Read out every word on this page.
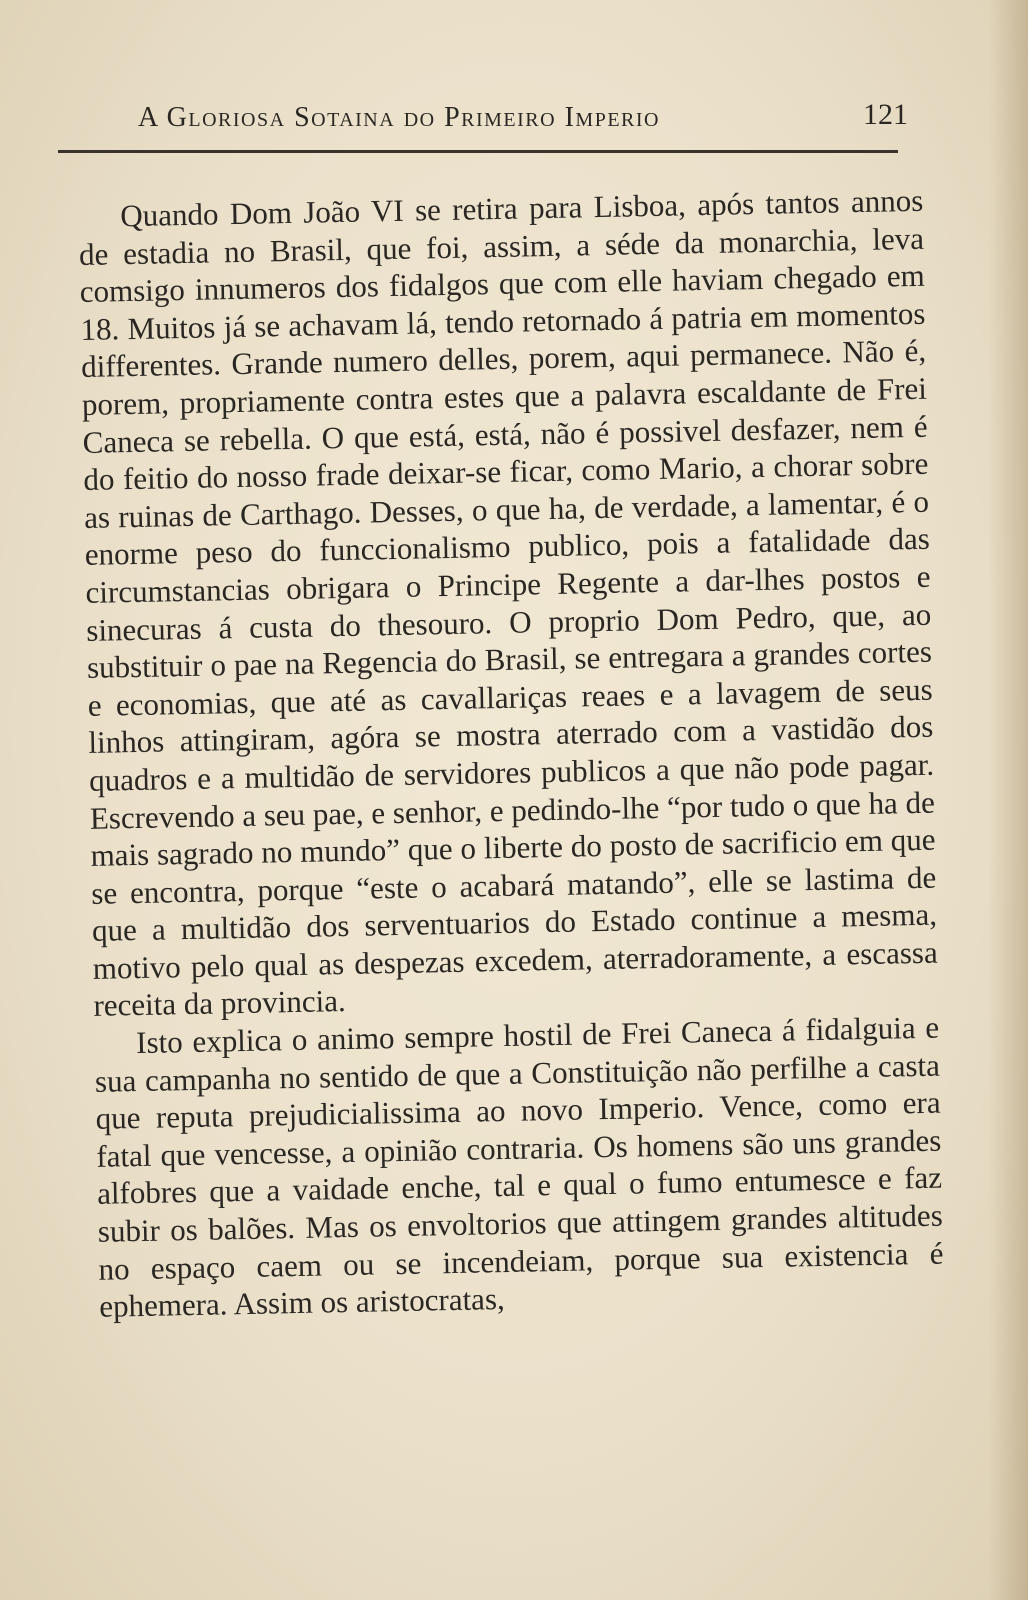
A Gloriosa Sotaina do Primeiro Imperio	121

Quando Dom João VI se retira para Lisboa, após tantos annos de estadia no Brasil, que foi, assim, a séde da monarchia, leva comsigo innumeros dos fidalgos que com elle haviam chegado em 18. Muitos já se achavam lá, tendo retornado á patria em momentos differentes. Grande numero delles, porem, aqui permanece. Não é, porem, propriamente contra estes que a palavra escaldante de Frei Caneca se rebella. O que está, está, não é possivel desfazer, nem é do feitio do nosso frade deixar-se ficar, como Mario, a chorar sobre as ruinas de Carthago. Desses, o que ha, de verdade, a lamentar, é o enorme peso do funccionalismo publico, pois a fatalidade das circumstancias obrigara o Principe Regente a dar-lhes postos e sinecuras á custa do thesouro. O proprio Dom Pedro, que, ao substituir o pae na Regencia do Brasil, se entregara a grandes cortes e economias, que até as cavallariças reaes e a lavagem de seus linhos attingiram, agóra se mostra aterrado com a vastidão dos quadros e a multidão de servidores publicos a que não pode pagar. Escrevendo a seu pae, e senhor, e pedindo-lhe “por tudo o que ha de mais sagrado no mundo” que o liberte do posto de sacrificio em que se encontra, porque “este o acabará matando”, elle se lastima de que a multidão dos serventuarios do Estado continue a mesma, motivo pelo qual as despezas excedem, aterradoramente, a escassa receita da provincia.

Isto explica o animo sempre hostil de Frei Caneca á fidalguia e sua campanha no sentido de que a Constituição não perfilhe a casta que reputa prejudicialissima ao novo Imperio. Vence, como era fatal que vencesse, a opinião contraria. Os homens são uns grandes alfobres que a vaidade enche, tal e qual o fumo entumesce e faz subir os balões. Mas os envoltorios que attingem grandes altitudes no espaço caem ou se incendeiam, porque sua existencia é ephemera. Assim os aristocratas,
